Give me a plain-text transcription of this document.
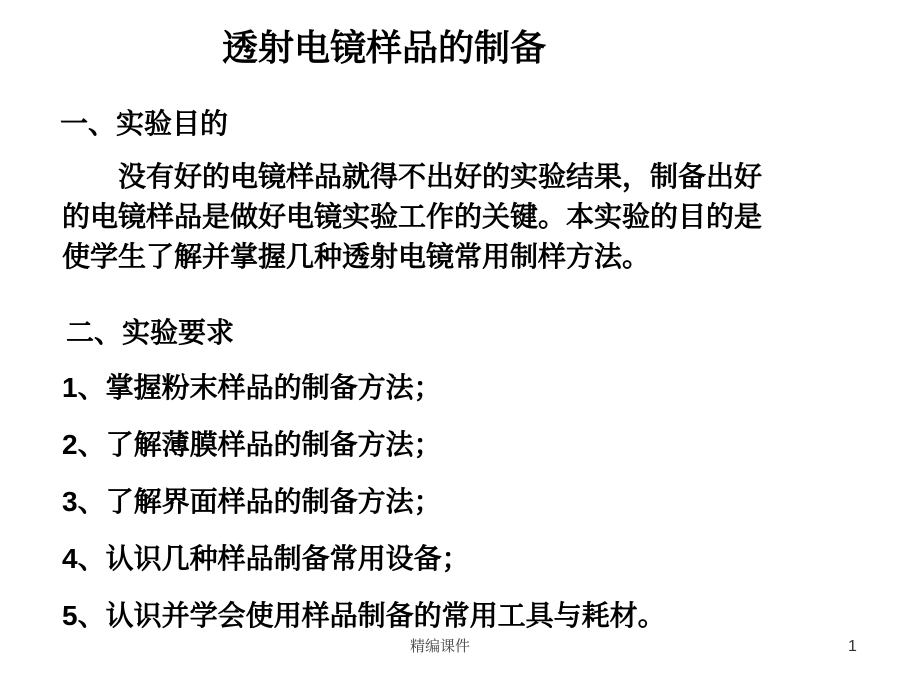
透射电镜样品的制备
一、实验目的
没有好的电镜样品就得不出好的实验结果，制备出好
的电镜样品是做好电镜实验工作的关键。本实验的目的是
使学生了解并掌握几种透射电镜常用制样方法。
二、实验要求
1、掌握粉末样品的制备方法；
2、了解薄膜样品的制备方法；
3、了解界面样品的制备方法；
4、认识几种样品制备常用设备；
5、认识并学会使用样品制备的常用工具与耗材。
精编课件	1
